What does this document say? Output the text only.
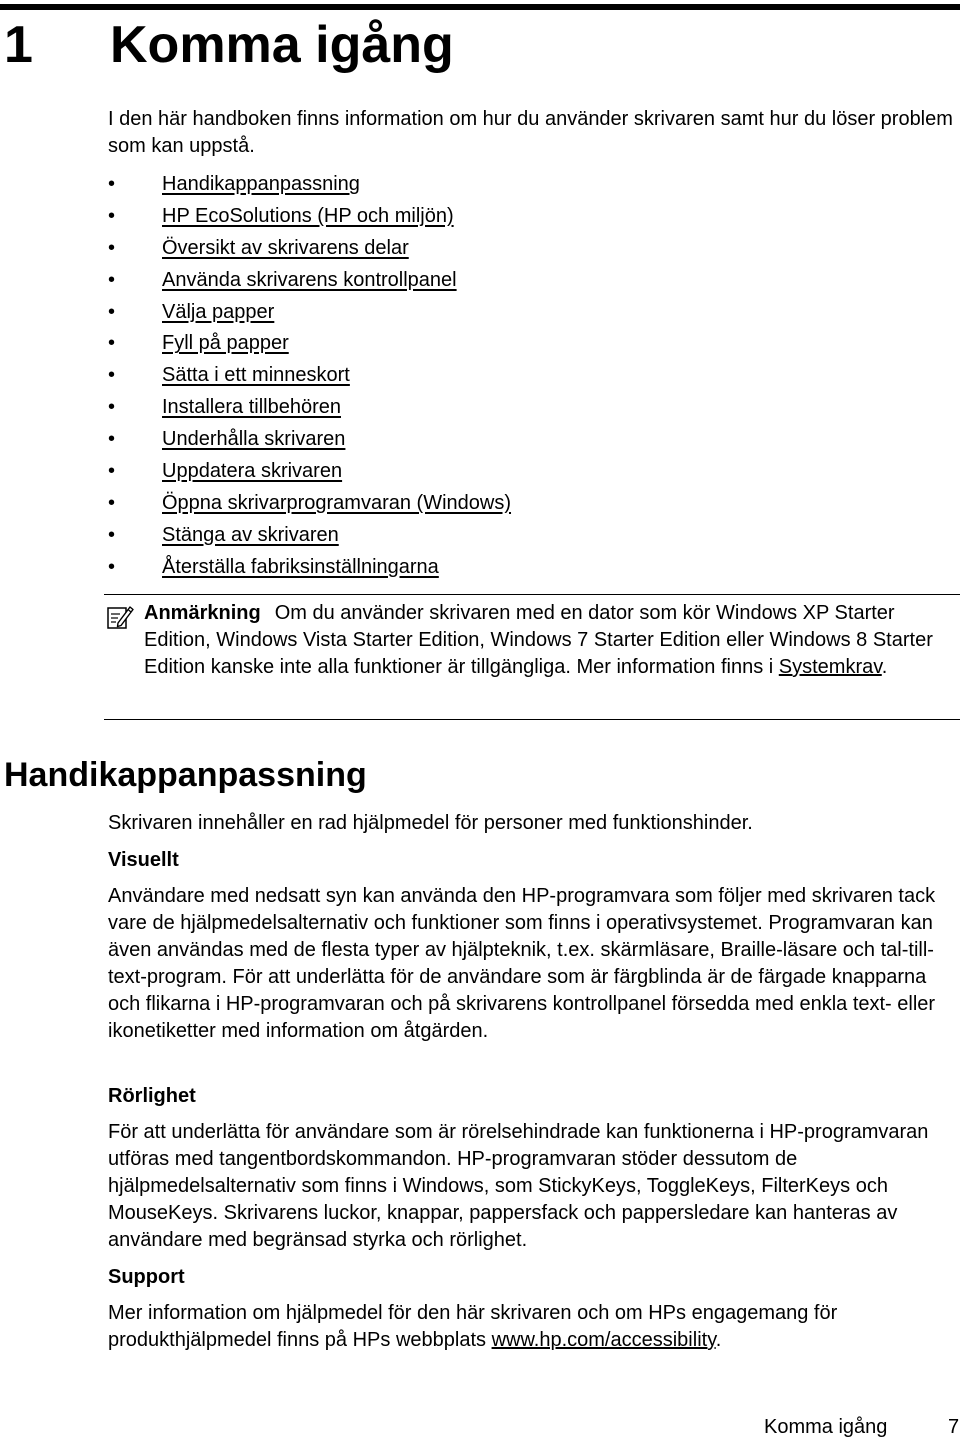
1 Komma igång

I den här handboken finns information om hur du använder skrivaren samt hur du löser problem som kan uppstå.

•	Handikappanpassning
•	HP EcoSolutions (HP och miljön)
•	Översikt av skrivarens delar
•	Använda skrivarens kontrollpanel
•	Välja papper
•	Fyll på papper
•	Sätta i ett minneskort
•	Installera tillbehören
•	Underhålla skrivaren
•	Uppdatera skrivaren
•	Öppna skrivarprogramvaran (Windows)
•	Stänga av skrivaren
•	Återställa fabriksinställningarna

Anmärkning Om du använder skrivaren med en dator som kör Windows XP Starter Edition, Windows Vista Starter Edition, Windows 7 Starter Edition eller Windows 8 Starter Edition kanske inte alla funktioner är tillgängliga. Mer information finns i Systemkrav.

Handikappanpassning

Skrivaren innehåller en rad hjälpmedel för personer med funktionshinder.

Visuellt

Användare med nedsatt syn kan använda den HP-programvara som följer med skrivaren tack vare de hjälpmedelsalternativ och funktioner som finns i operativsystemet. Programvaran kan även användas med de flesta typer av hjälpteknik, t.ex. skärmläsare, Braille-läsare och tal-till-text-program. För att underlätta för de användare som är färgblinda är de färgade knapparna och flikarna i HP-programvaran och på skrivarens kontrollpanel försedda med enkla text- eller ikonetiketter med information om åtgärden.

Rörlighet

För att underlätta för användare som är rörelsehindrade kan funktionerna i HP-programvaran utföras med tangentbordskommandon. HP-programvaran stöder dessutom de hjälpmedelsalternativ som finns i Windows, som StickyKeys, ToggleKeys, FilterKeys och MouseKeys. Skrivarens luckor, knappar, pappersfack och pappersledare kan hanteras av användare med begränsad styrka och rörlighet.

Support

Mer information om hjälpmedel för den här skrivaren och om HPs engagemang för produkthjälpmedel finns på HPs webbplats www.hp.com/accessibility.

Komma igång	7
